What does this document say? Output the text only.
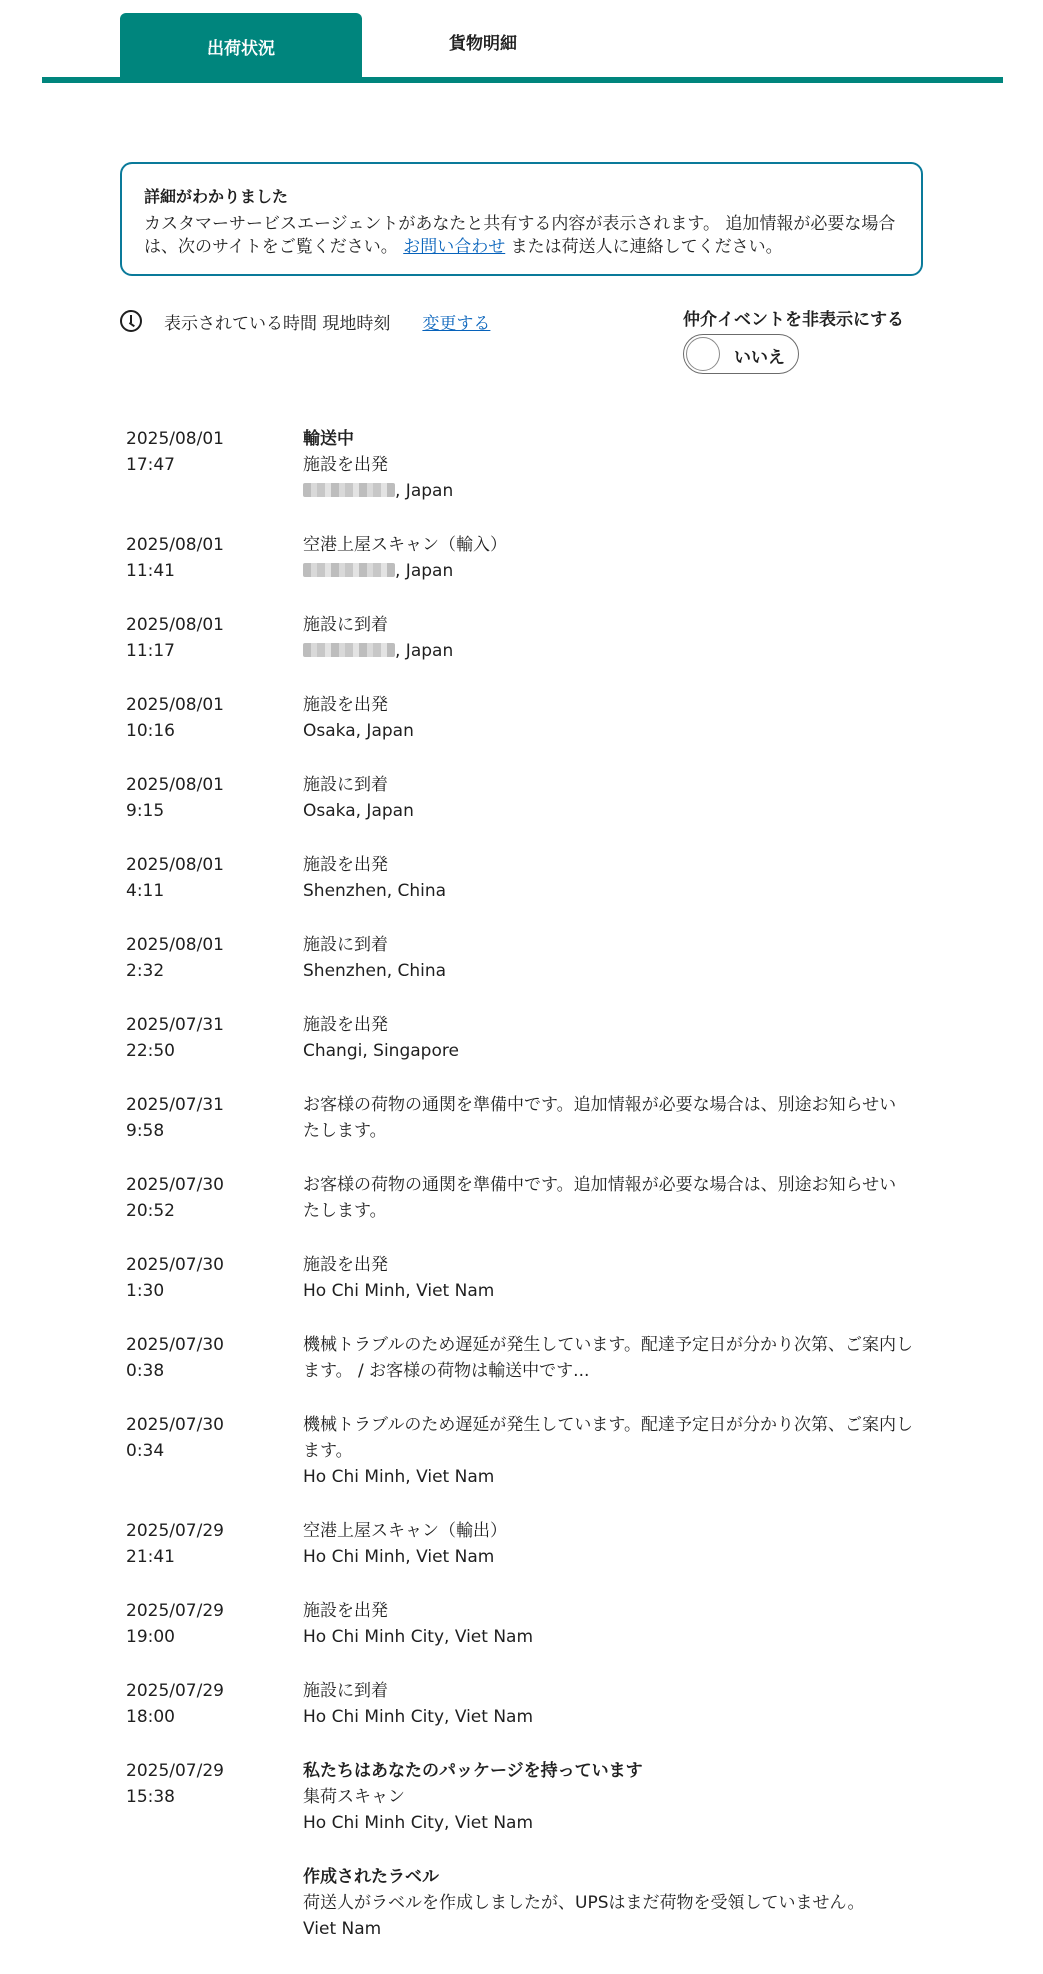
出荷状況	貨物明細
詳細がわかりました
カスタマーサービスエージェントがあなたと共有する内容が表示されます。 追加情報が必要な場合は、次のサイトをご覧ください。 お問い合わせ または荷送人に連絡してください。
表示されている時間 現地時刻 変更する	仲介イベントを非表示にする
いいえ
2025/08/01
17:47
輸送中
施設を出発
, Japan
2025/08/01
11:41
空港上屋スキャン（輸入）
, Japan
2025/08/01
11:17
施設に到着
, Japan
2025/08/01
10:16
施設を出発
Osaka, Japan
2025/08/01
9:15
施設に到着
Osaka, Japan
2025/08/01
4:11
施設を出発
Shenzhen, China
2025/08/01
2:32
施設に到着
Shenzhen, China
2025/07/31
22:50
施設を出発
Changi, Singapore
2025/07/31
9:58
お客様の荷物の通関を準備中です。追加情報が必要な場合は、別途お知らせいたします。
2025/07/30
20:52
お客様の荷物の通関を準備中です。追加情報が必要な場合は、別途お知らせいたします。
2025/07/30
1:30
施設を出発
Ho Chi Minh, Viet Nam
2025/07/30
0:38
機械トラブルのため遅延が発生しています。配達予定日が分かり次第、ご案内します。 / お客様の荷物は輸送中です...
2025/07/30
0:34
機械トラブルのため遅延が発生しています。配達予定日が分かり次第、ご案内します。
Ho Chi Minh, Viet Nam
2025/07/29
21:41
空港上屋スキャン（輸出）
Ho Chi Minh, Viet Nam
2025/07/29
19:00
施設を出発
Ho Chi Minh City, Viet Nam
2025/07/29
18:00
施設に到着
Ho Chi Minh City, Viet Nam
2025/07/29
15:38
私たちはあなたのパッケージを持っています
集荷スキャン
Ho Chi Minh City, Viet Nam
作成されたラベル
荷送人がラベルを作成しましたが、UPSはまだ荷物を受領していません。
Viet Nam
